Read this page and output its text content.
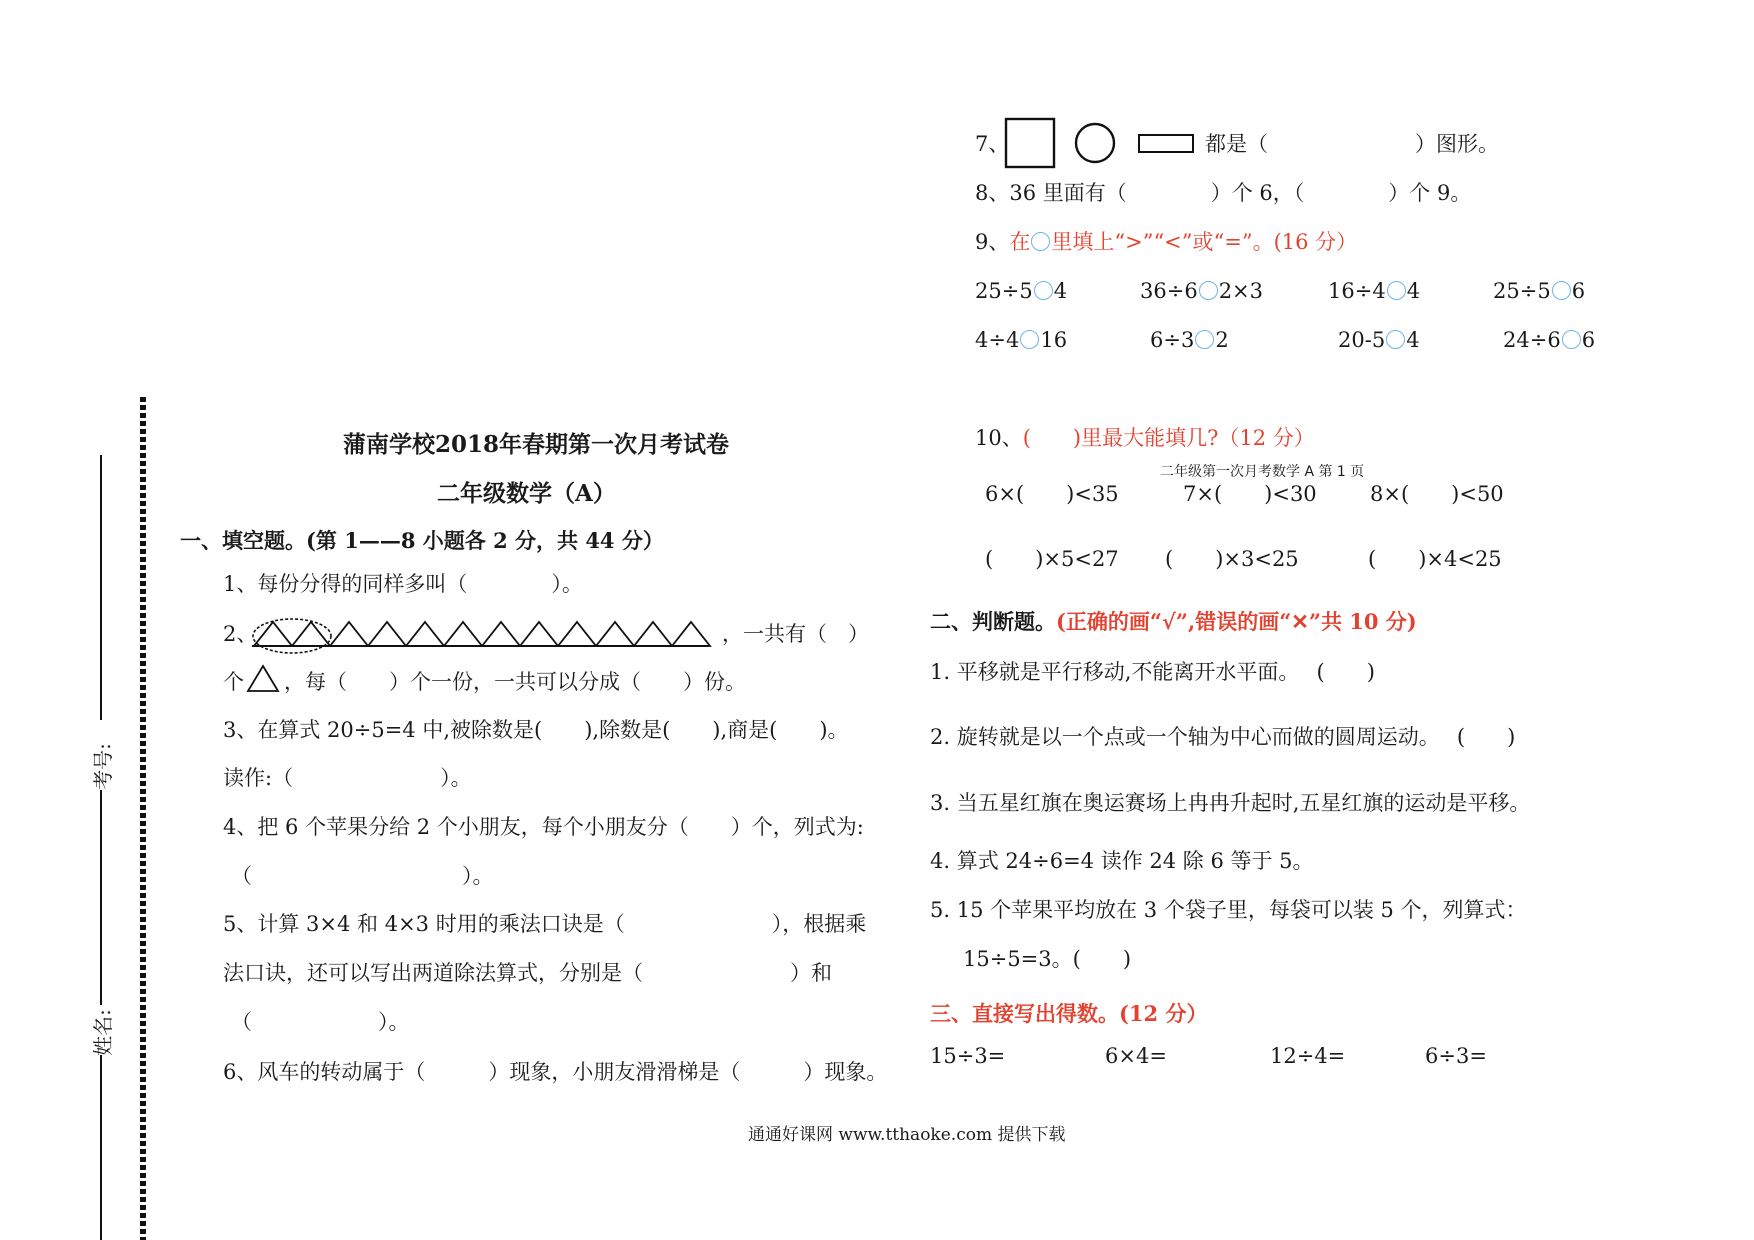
考号:
姓名:
蒲南学校2018年春期第一次月考试卷
二年级数学（A）
一、填空题。(第 1——8 小题各 2 分，共 44 分）
1、每份分得的同样多叫（　　　　）。
2、	，一共有（　）
个 ，每（　　）个一份，一共可以分成（　　）份。
3、在算式 20÷5=4 中,被除数是(　　),除数是(　　),商是(　　)。
读作:（　　　　　　　）。
4、把 6 个苹果分给 2 个小朋友，每个小朋友分（　　）个，列式为:
（　　　　　　　　　　）。
5、计算 3×4 和 4×3 时用的乘法口诀是（　　　　　　　），根据乘
法口诀，还可以写出两道除法算式，分别是（　　　　　　　）和
（　　　　　　）。
6、风车的转动属于（　　　）现象，小朋友滑滑梯是（　　　）现象。
7、	都是（　　　　　　　）图形。
8、36 里面有（　　　　）个 6，（　　　　）个 9。
9、在 里填上“>”“<”或“=”。(16 分）
25÷5 4	36÷6 2×3	16÷4 4	25÷5 6
4÷4 16	6÷3 2	20-5 4	24÷6 6
10、(　　)里最大能填几?（12 分）
二年级第一次月考数学 A 第 1 页
6×(　　)<35	7×(　　)<30	8×(　　)<50
(　　)×5<27 (　　)×3<25	(　　)×4<25
二、判断题。(正确的画“√”,错误的画“✕”共 10 分)
1. 平移就是平行移动,不能离开水平面。　 (　　)
2. 旋转就是以一个点或一个轴为中心而做的圆周运动。　 (　　)
3. 当五星红旗在奥运赛场上冉冉升起时,五星红旗的运动是平移。
4. 算式 24÷6=4 读作 24 除 6 等于 5。
5. 15 个苹果平均放在 3 个袋子里，每袋可以装 5 个，列算式：
15÷5=3。(　　)
三、直接写出得数。(12 分）
15÷3=	6×4=	12÷4=	6÷3=
通通好课网 www.tthaoke.com 提供下载
